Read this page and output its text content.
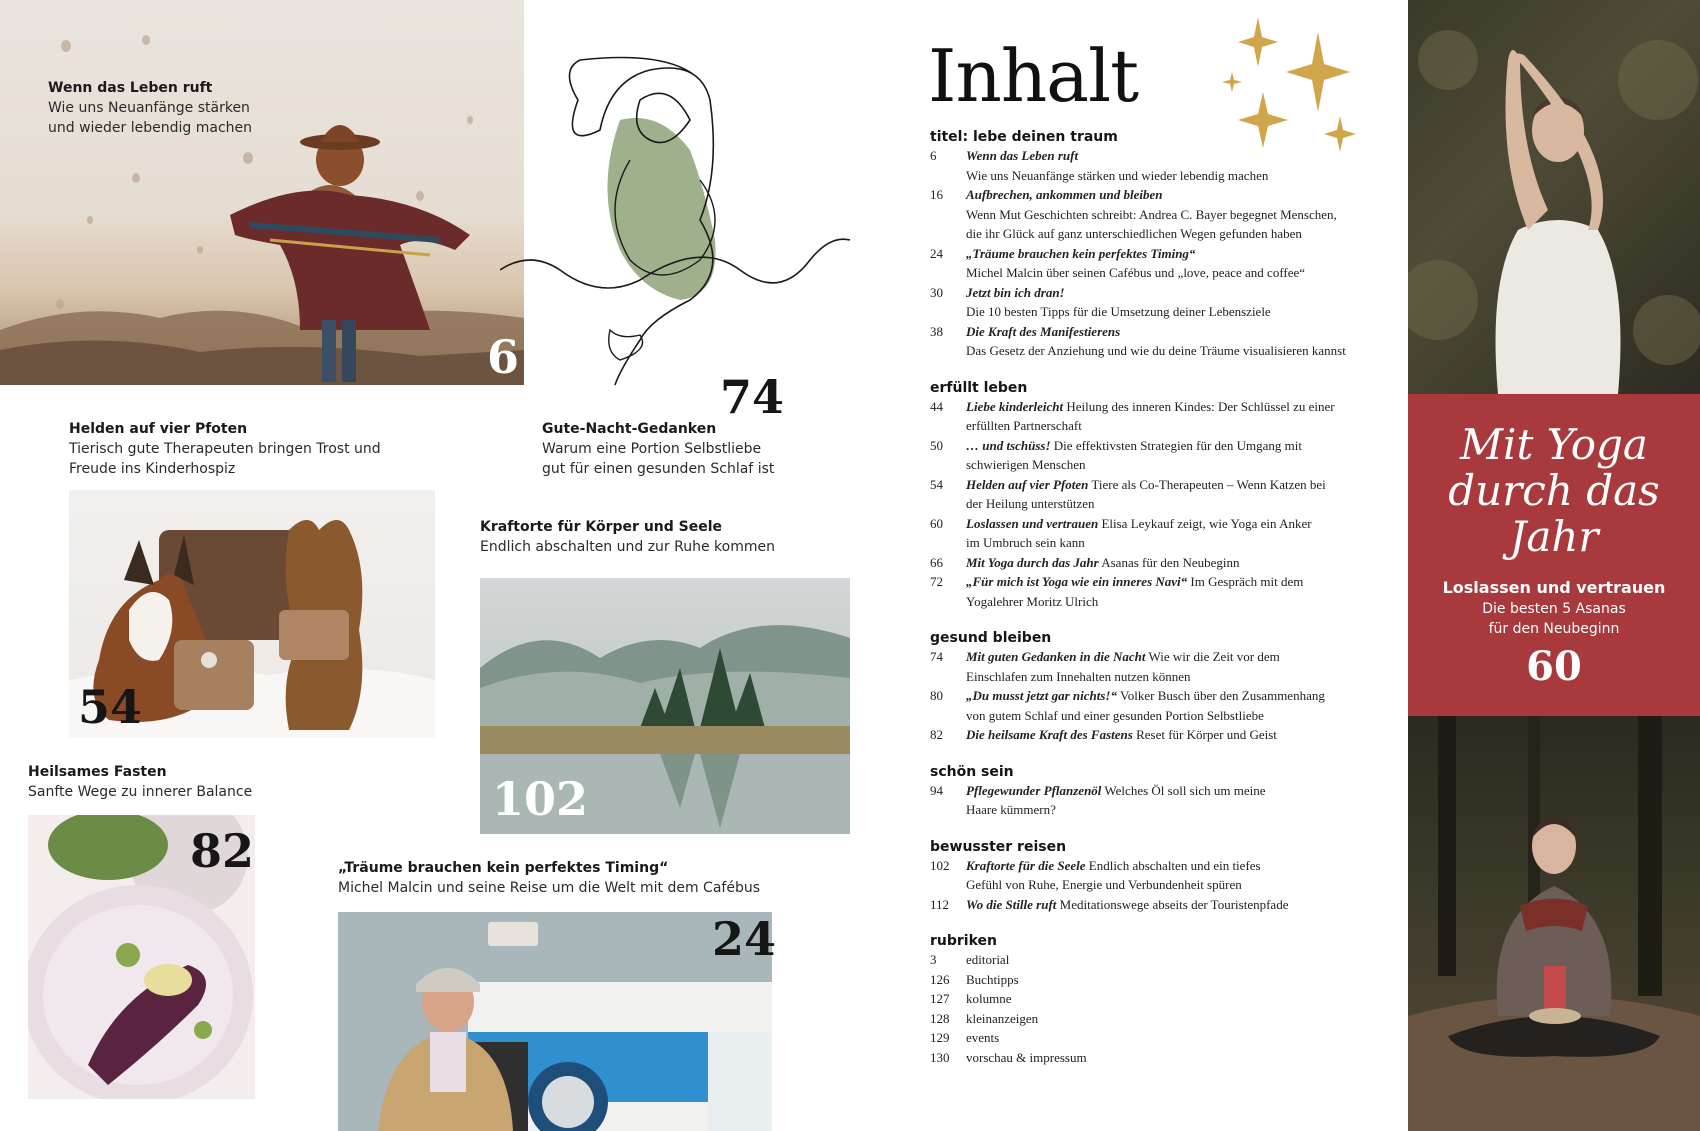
Wenn das Leben ruft
Wie uns Neuanfänge stärken
und wieder lebendig machen
6
74
Gute-Nacht-Gedanken
Warum eine Portion Selbstliebe
gut für einen gesunden Schlaf ist
Helden auf vier Pfoten
Tierisch gute Therapeuten bringen Trost und
Freude ins Kinderhospiz
54
Kraftorte für Körper und Seele
Endlich abschalten und zur Ruhe kommen
102
Heilsames Fasten
Sanfte Wege zu innerer Balance
82	„Träume brauchen kein perfektes Timing“
Michel Malcin und seine Reise um die Welt mit dem Cafébus
24
Inhalt
titel: lebe deinen traum
6	Wenn das Leben ruft
Wie uns Neuanfänge stärken und wieder lebendig machen
16	Aufbrechen, ankommen und bleiben
Wenn Mut Geschichten schreibt: Andrea C. Bayer begegnet Menschen,
die ihr Glück auf ganz unterschiedlichen Wegen gefunden haben
24	„Träume brauchen kein perfektes Timing“
Michel Malcin über seinen Cafébus und „love, peace and coffee“
30	Jetzt bin ich dran!
Die 10 besten Tipps für die Umsetzung deiner Lebensziele
38	Die Kraft des Manifestierens
Das Gesetz der Anziehung und wie du deine Träume visualisieren kannst
erfüllt leben
44	Liebe kinderleicht Heilung des inneren Kindes: Der Schlüssel zu einer
erfüllten Partnerschaft
50	… und tschüss! Die effektivsten Strategien für den Umgang mit
schwierigen Menschen
54	Helden auf vier Pfoten Tiere als Co-Therapeuten – Wenn Katzen bei
der Heilung unterstützen
60	Loslassen und vertrauen Elisa Leykauf zeigt, wie Yoga ein Anker
im Umbruch sein kann
66	Mit Yoga durch das Jahr Asanas für den Neubeginn
72	„Für mich ist Yoga wie ein inneres Navi“ Im Gespräch mit dem
Yogalehrer Moritz Ulrich
gesund bleiben
74	Mit guten Gedanken in die Nacht Wie wir die Zeit vor dem
Einschlafen zum Innehalten nutzen können
80	„Du musst jetzt gar nichts!“ Volker Busch über den Zusammenhang
von gutem Schlaf und einer gesunden Portion Selbstliebe
82	Die heilsame Kraft des Fastens Reset für Körper und Geist
schön sein
94	Pflegewunder Pflanzenöl Welches Öl soll sich um meine
Haare kümmern?
bewusster reisen
102	Kraftorte für die Seele Endlich abschalten und ein tiefes
Gefühl von Ruhe, Energie und Verbundenheit spüren
112	Wo die Stille ruft Meditationswege abseits der Touristenpfade
rubriken
3	editorial
126	Buchtipps
127	kolumne
128	kleinanzeigen
129	events
130	vorschau & impressum
Mit Yoga
durch das
Jahr
Loslassen und vertrauen
Die besten 5 Asanas
für den Neubeginn
60
